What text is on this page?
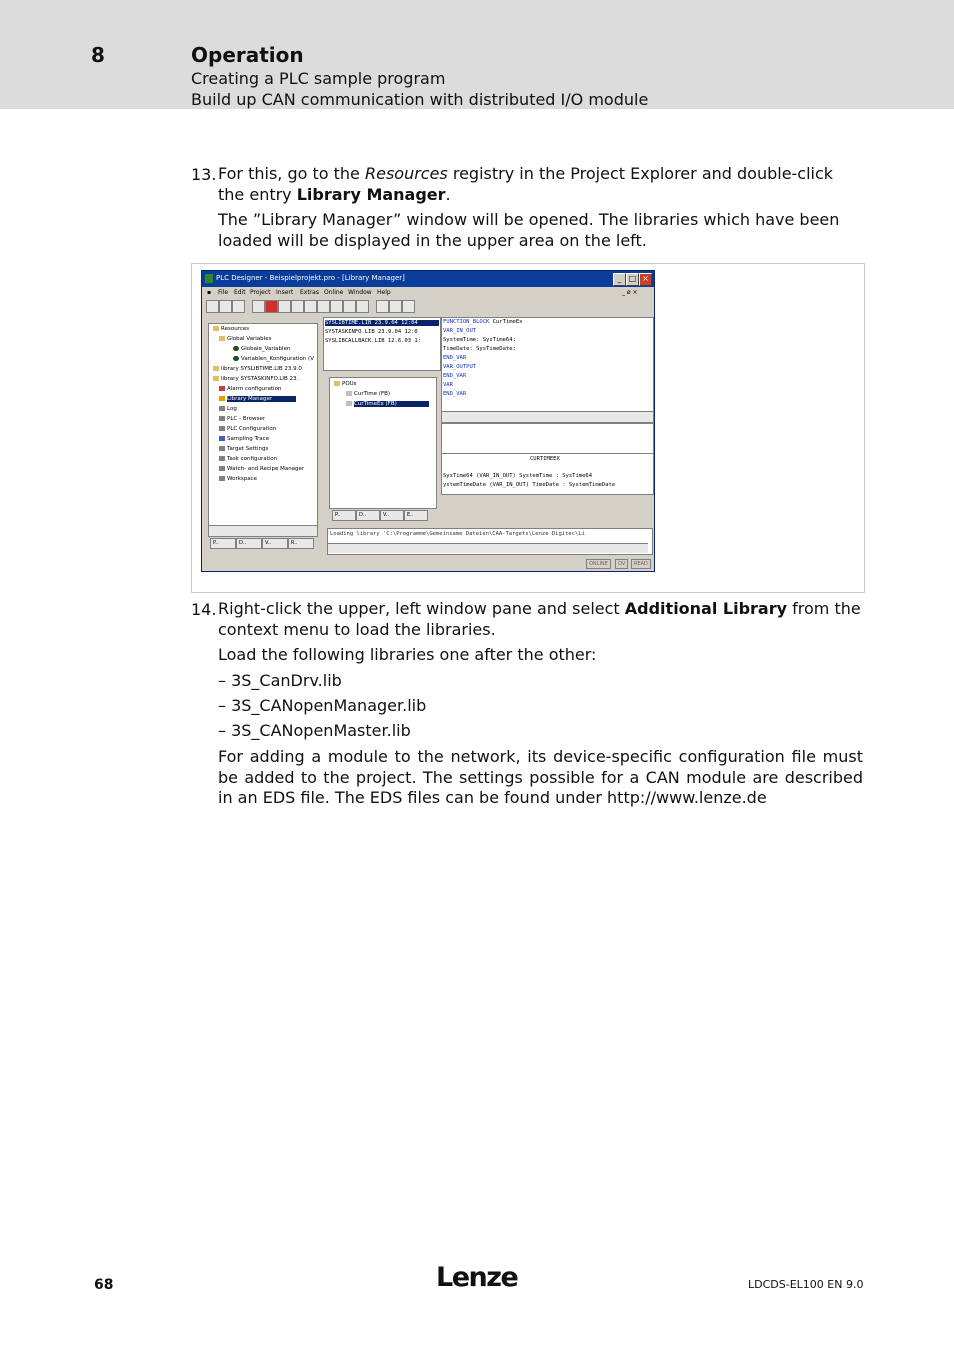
8	Operation
Creating a PLC sample program
Build up CAN communication with distributed I/O module
13. For this, go to the Resources registry in the Project Explorer and double-click the entry Library Manager.
The ”Library Manager” window will be opened. The libraries which have been loaded will be displayed in the upper area on the left.
PLC Designer - Beispielprojekt.pro - [Library Manager]	_ □ ×
▪ File Edit Project Insert Extras Online Window Help	_ ø ×
Resources
Global Variables
Globale_Variablen
Variablen_Konfiguration (V
library SYSLIBTIME.LIB 23.9.0
library SYSTASKINFO.LIB 23.
Alarm configuration
Library Manager
Log
PLC - Browser
PLC Configuration
Sampling Trace
Target Settings
Task configuration
Watch- and Recipe Manager
Workspace
P..	D..	V..	R..
SYSLIBTIME.LIB 23.9.04 12:04
SYSTASKINFO.LIB 23.9.04 12:0
SYSLIBCALLBACK.LIB 12.6.03 1:
POUs
CurTime (FB)
CurTimeEx (FB)
P..	D..	V..	E..
FUNCTION_BLOCK CurTimeEx
VAR_IN_OUT
SystemTime: SysTime64;
TimeDate: SysTimeDate;
END_VAR
VAR_OUTPUT
END_VAR
VAR
END_VAR
CURTIMEEX
SysTime64 (VAR_IN_OUT) SystemTime : SysTime64
ystemTimeDate (VAR_IN_OUT) TimeDate : SystemTimeDate
Loading library 'C:\Programme\Gemeinsame Dateien\CAA-Targets\Lenze Digitec\Li
ONLINE	OV	READ
14. Right-click the upper, left window pane and select Additional Library from the context menu to load the libraries.
Load the following libraries one after the other:
– 3S_CanDrv.lib
– 3S_CANopenManager.lib
– 3S_CANopenMaster.lib
For adding a module to the network, its device-specific configuration file must be added to the project. The settings possible for a CAN module are described in an EDS file. The EDS files can be found under http://www.lenze.de
68	Lenze	LDCDS-EL100 EN 9.0
